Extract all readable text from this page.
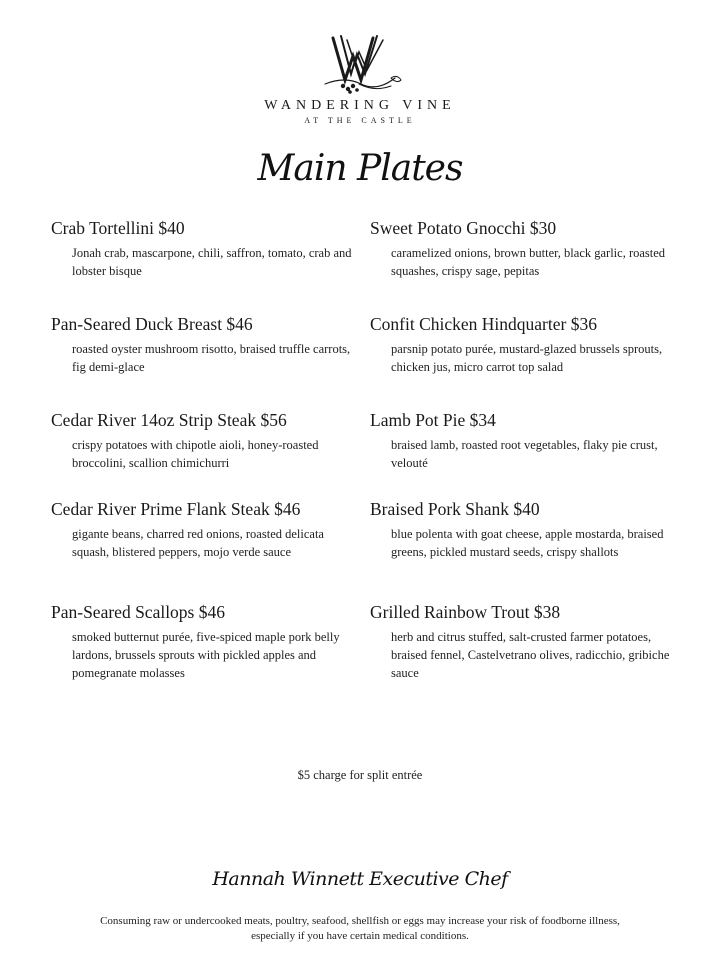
WANDERING VINE
AT THE CASTLE
Main Plates
Crab Tortellini $40
Jonah crab, mascarpone, chili, saffron, tomato, crab and lobster bisque
Sweet Potato Gnocchi $30
caramelized onions, brown butter, black garlic, roasted squashes, crispy sage, pepitas
Pan-Seared Duck Breast $46
roasted oyster mushroom risotto, braised truffle carrots, fig demi-glace
Confit Chicken Hindquarter $36
parsnip potato purée, mustard-glazed brussels sprouts, chicken jus, micro carrot top salad
Cedar River 14oz Strip Steak $56
crispy potatoes with chipotle aioli, honey-roasted broccolini, scallion chimichurri
Lamb Pot Pie $34
braised lamb, roasted root vegetables, flaky pie crust, velouté
Cedar River Prime Flank Steak $46
gigante beans, charred red onions, roasted delicata squash, blistered peppers, mojo verde sauce
Braised Pork Shank $40
blue polenta with goat cheese, apple mostarda, braised greens, pickled mustard seeds, crispy shallots
Pan-Seared Scallops $46
smoked butternut purée, five-spiced maple pork belly lardons, brussels sprouts with pickled apples and pomegranate molasses
Grilled Rainbow Trout $38
herb and citrus stuffed, salt-crusted farmer potatoes, braised fennel, Castelvetrano olives, radicchio, gribiche sauce
$5 charge for split entrée
Hannah Winnett Executive Chef
Consuming raw or undercooked meats, poultry, seafood, shellfish or eggs may increase your risk of foodborne illness,
especially if you have certain medical conditions.
